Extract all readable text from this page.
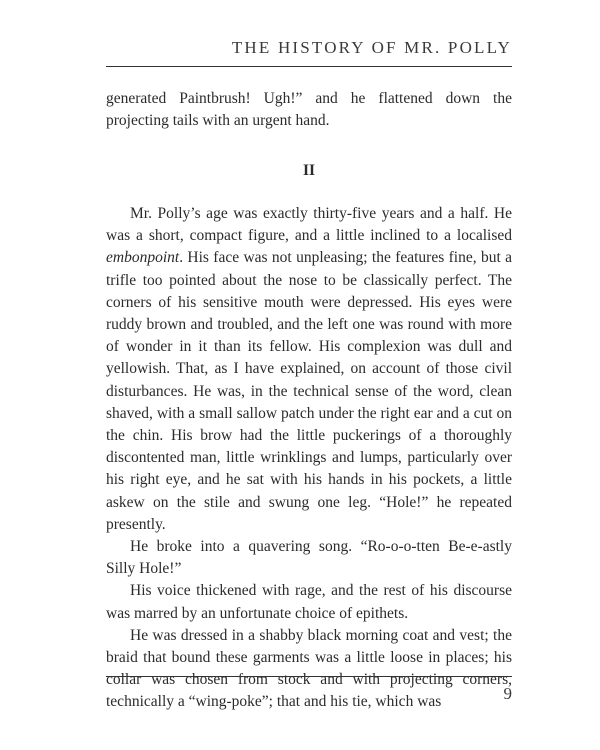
THE HISTORY OF MR. POLLY

generated Paintbrush! Ugh!” and he flattened down the projecting tails with an urgent hand.

II

Mr. Polly’s age was exactly thirty-five years and a half. He was a short, compact figure, and a little inclined to a localised embonpoint. His face was not unpleasing; the features fine, but a trifle too pointed about the nose to be classically perfect. The corners of his sensitive mouth were depressed. His eyes were ruddy brown and troubled, and the left one was round with more of wonder in it than its fellow. His complexion was dull and yellowish. That, as I have explained, on account of those civil disturbances. He was, in the technical sense of the word, clean shaved, with a small sallow patch under the right ear and a cut on the chin. His brow had the little puckerings of a thoroughly discontented man, little wrinklings and lumps, particularly over his right eye, and he sat with his hands in his pockets, a little askew on the stile and swung one leg. “Hole!” he repeated presently.

He broke into a quavering song. “Ro-o-o-tten Be-e-astly Silly Hole!”

His voice thickened with rage, and the rest of his discourse was marred by an unfortunate choice of epithets.

He was dressed in a shabby black morning coat and vest; the braid that bound these garments was a little loose in places; his collar was chosen from stock and with projecting corners, technically a “wing-poke”; that and his tie, which was	9
